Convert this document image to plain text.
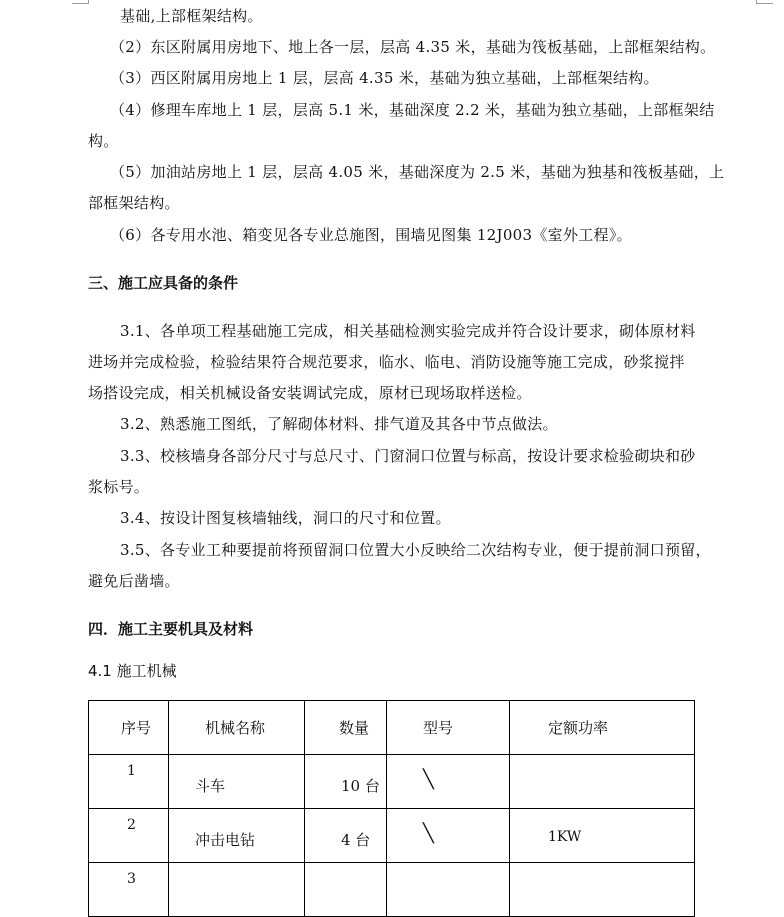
基础,上部框架结构。
（2）东区附属用房地下、地上各一层，层高 4.35 米，基础为筏板基础，上部框架结构。
（3）西区附属用房地上 1 层，层高 4.35 米，基础为独立基础，上部框架结构。
（4）修理车库地上 1 层，层高 5.1 米，基础深度 2.2 米，基础为独立基础，上部框架结
构。
（5）加油站房地上 1 层，层高 4.05 米，基础深度为 2.5 米，基础为独基和筏板基础，上
部框架结构。
（6）各专用水池、箱变见各专业总施图，围墙见图集 12J003《室外工程》。
三、施工应具备的条件
3.1、各单项工程基础施工完成，相关基础检测实验完成并符合设计要求，砌体原材料
进场并完成检验，检验结果符合规范要求，临水、临电、消防设施等施工完成，砂浆搅拌
场搭设完成，相关机械设备安装调试完成，原材已现场取样送检。
3.2、熟悉施工图纸，了解砌体材料、排气道及其各中节点做法。
3.3、校核墙身各部分尺寸与总尺寸、门窗洞口位置与标高，按设计要求检验砌块和砂
浆标号。
3.4、按设计图复核墙轴线，洞口的尺寸和位置。
3.5、各专业工种要提前将预留洞口位置大小反映给二次结构专业，便于提前洞口预留，
避免后凿墙。
四．施工主要机具及材料
4.1 施工机械
序号	机械名称	数量	型号	定额功率

1	斗车	10 台	╲	

2	冲击电钻	4 台	╲	1KW

3				
